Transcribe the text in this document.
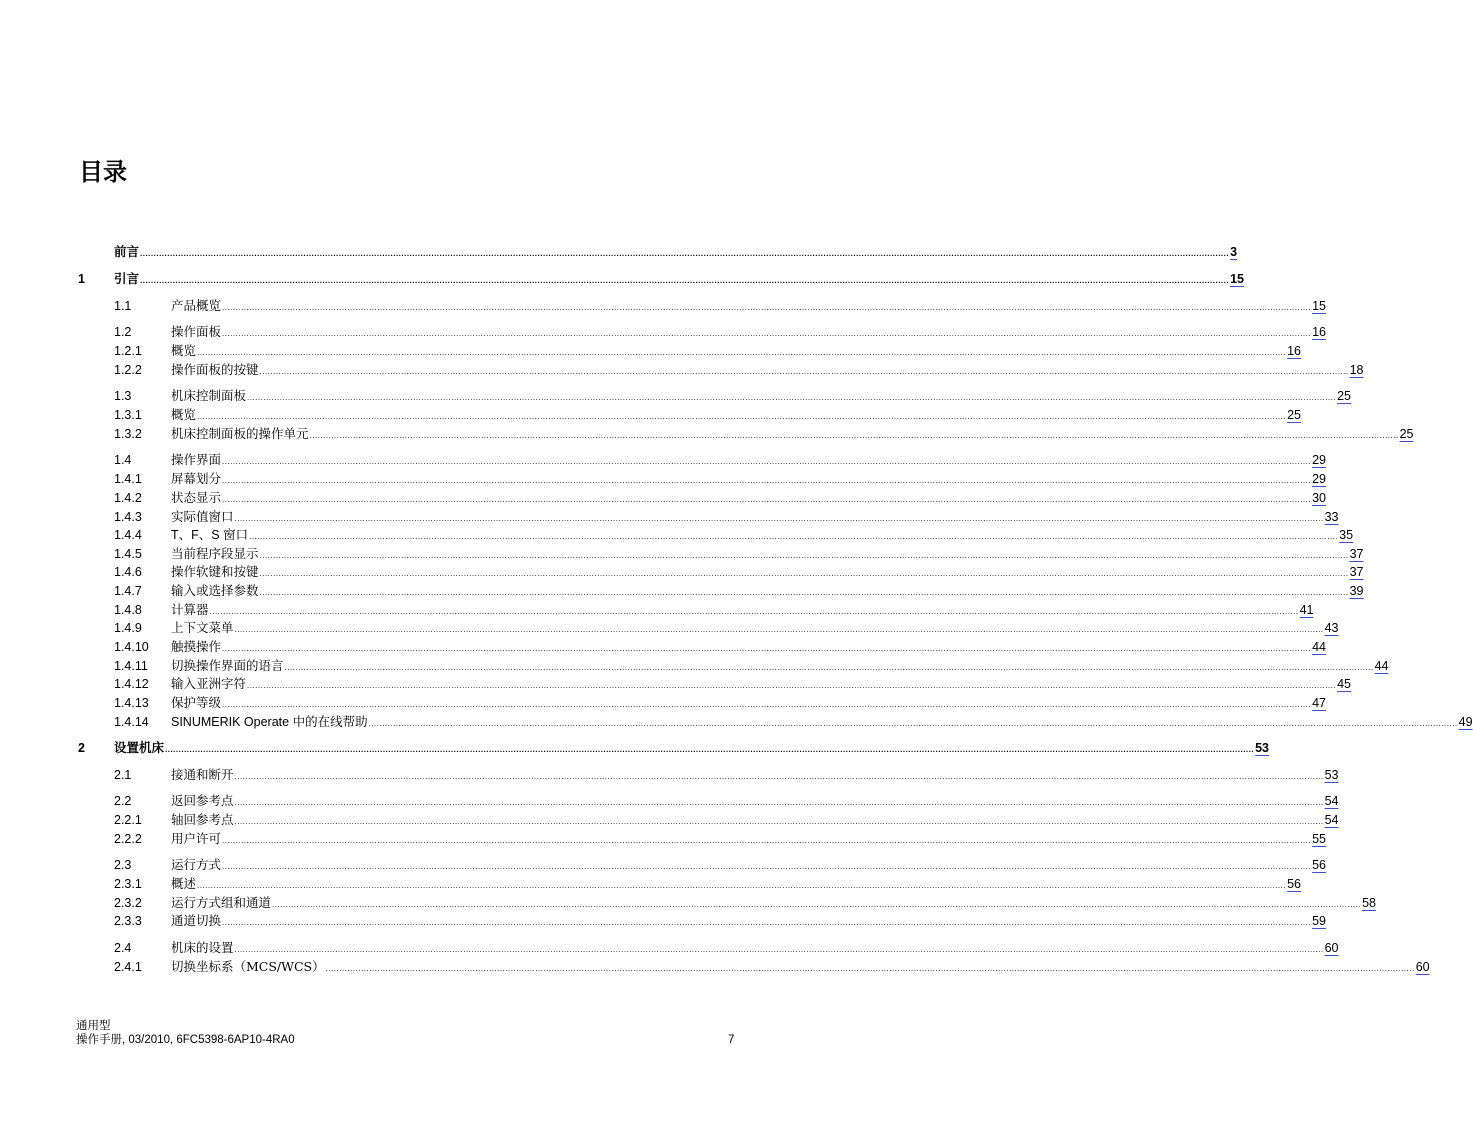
目录
前言 ................................................................................................................................................................................................................................................................................................................................................................................................................ 3
1 引言 ................................................................................................................................................................................................................................................................................................................................................................................................................ 15
1.1	产品概览 ................................................................................................................................................................................................................................................................................................................................................................................................................ 15
1.2	操作面板 ................................................................................................................................................................................................................................................................................................................................................................................................................ 16
1.2.1 概览 ................................................................................................................................................................................................................................................................................................................................................................................................................ 16
1.2.2 操作面板的按键 ................................................................................................................................................................................................................................................................................................................................................................................................................ 18
1.3	机床控制面板 ................................................................................................................................................................................................................................................................................................................................................................................................................ 25
1.3.1 概览 ................................................................................................................................................................................................................................................................................................................................................................................................................ 25
1.3.2 机床控制面板的操作单元 ................................................................................................................................................................................................................................................................................................................................................................................................................ 25
1.4	操作界面 ................................................................................................................................................................................................................................................................................................................................................................................................................ 29
1.4.1 屏幕划分 ................................................................................................................................................................................................................................................................................................................................................................................................................ 29
1.4.2 状态显示 ................................................................................................................................................................................................................................................................................................................................................................................................................ 30
1.4.3 实际值窗口 ................................................................................................................................................................................................................................................................................................................................................................................................................ 33
1.4.4 T、F、S 窗口 ................................................................................................................................................................................................................................................................................................................................................................................................................ 35
1.4.5 当前程序段显示 ................................................................................................................................................................................................................................................................................................................................................................................................................ 37
1.4.6 操作软键和按键 ................................................................................................................................................................................................................................................................................................................................................................................................................ 37
1.4.7 输入或选择参数 ................................................................................................................................................................................................................................................................................................................................................................................................................ 39
1.4.8 计算器 ................................................................................................................................................................................................................................................................................................................................................................................................................ 41
1.4.9 上下文菜单 ................................................................................................................................................................................................................................................................................................................................................................................................................ 43
1.4.10 触摸操作 ................................................................................................................................................................................................................................................................................................................................................................................................................ 44
1.4.11 切换操作界面的语言 ................................................................................................................................................................................................................................................................................................................................................................................................................ 44
1.4.12 输入亚洲字符 ................................................................................................................................................................................................................................................................................................................................................................................................................ 45
1.4.13 保护等级 ................................................................................................................................................................................................................................................................................................................................................................................................................ 47
1.4.14 SINUMERIK Operate 中的在线帮助 ................................................................................................................................................................................................................................................................................................................................................................................................................ 49
2 设置机床 ................................................................................................................................................................................................................................................................................................................................................................................................................ 53
2.1	接通和断开 ................................................................................................................................................................................................................................................................................................................................................................................................................ 53
2.2	返回参考点 ................................................................................................................................................................................................................................................................................................................................................................................................................ 54
2.2.1 轴回参考点 ................................................................................................................................................................................................................................................................................................................................................................................................................ 54
2.2.2 用户许可 ................................................................................................................................................................................................................................................................................................................................................................................................................ 55
2.3	运行方式 ................................................................................................................................................................................................................................................................................................................................................................................................................ 56
2.3.1 概述 ................................................................................................................................................................................................................................................................................................................................................................................................................ 56
2.3.2 运行方式组和通道 ................................................................................................................................................................................................................................................................................................................................................................................................................ 58
2.3.3 通道切换 ................................................................................................................................................................................................................................................................................................................................................................................................................ 59
2.4	机床的设置 ................................................................................................................................................................................................................................................................................................................................................................................................................ 60
2.4.1 切换坐标系（MCS/WCS） ................................................................................................................................................................................................................................................................................................................................................................................................................ 60
通用型
操作手册, 03/2010, 6FC5398-6AP10-4RA0	7
